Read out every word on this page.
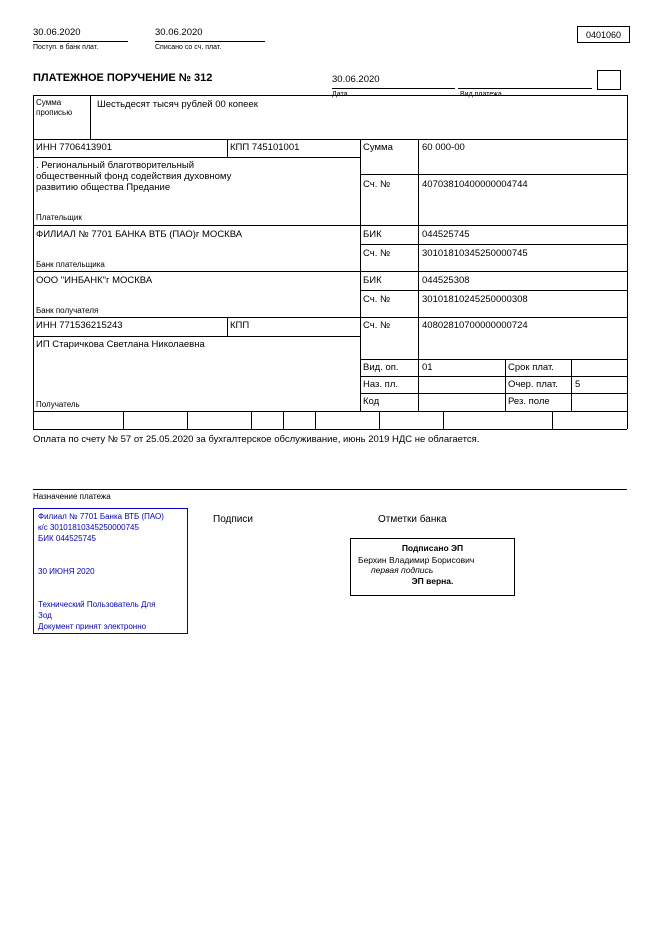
30.06.2020
Поступ. в банк плат.
30.06.2020
Списано со сч. плат.
0401060
ПЛАТЕЖНОЕ ПОРУЧЕНИЕ № 312	30.06.2020
Сумма
прописью
Шестьдесят тысяч рублей 00 копеек
ИНН 7706413901	КПП 745101001	Сумма	60 000-00
. Региональный благотворительный
общественный фонд содействия духовному
развитию общества Предание	Сч. №	40703810400000004744
Плательщик
ФИЛИАЛ № 7701 БАНКА ВТБ (ПАО)г МОСКВА	БИК	044525745
Сч. №	30101810345250000745
Банк плательщика
ООО "ИНБАНК"г МОСКВА	БИК	044525308
Сч. №	30101810245250000308
Банк получателя
ИНН 771536215243	КПП	Сч. №	40802810700000000724
ИП Старичкова Светлана Николаевна
Получатель
Вид. оп. 01	Срок плат.
Наз. пл.	Очер. плат. 5
Код	Рез. поле
Оплата по счету № 57 от 25.05.2020 за бухгалтерское обслуживание, июнь 2019 НДС не облагается.
Назначение платежа
Филиал № 7701 Банка ВТБ (ПАО)
к/с 30101810345250000745
БИК 044525745
30 ИЮНЯ 2020
Технический Пользователь Для
Зод
Документ принят электронно
Подписи	Отметки банка
Подписано ЭП
Берхин Владимир Борисович
первая подпись
ЭП верна.
